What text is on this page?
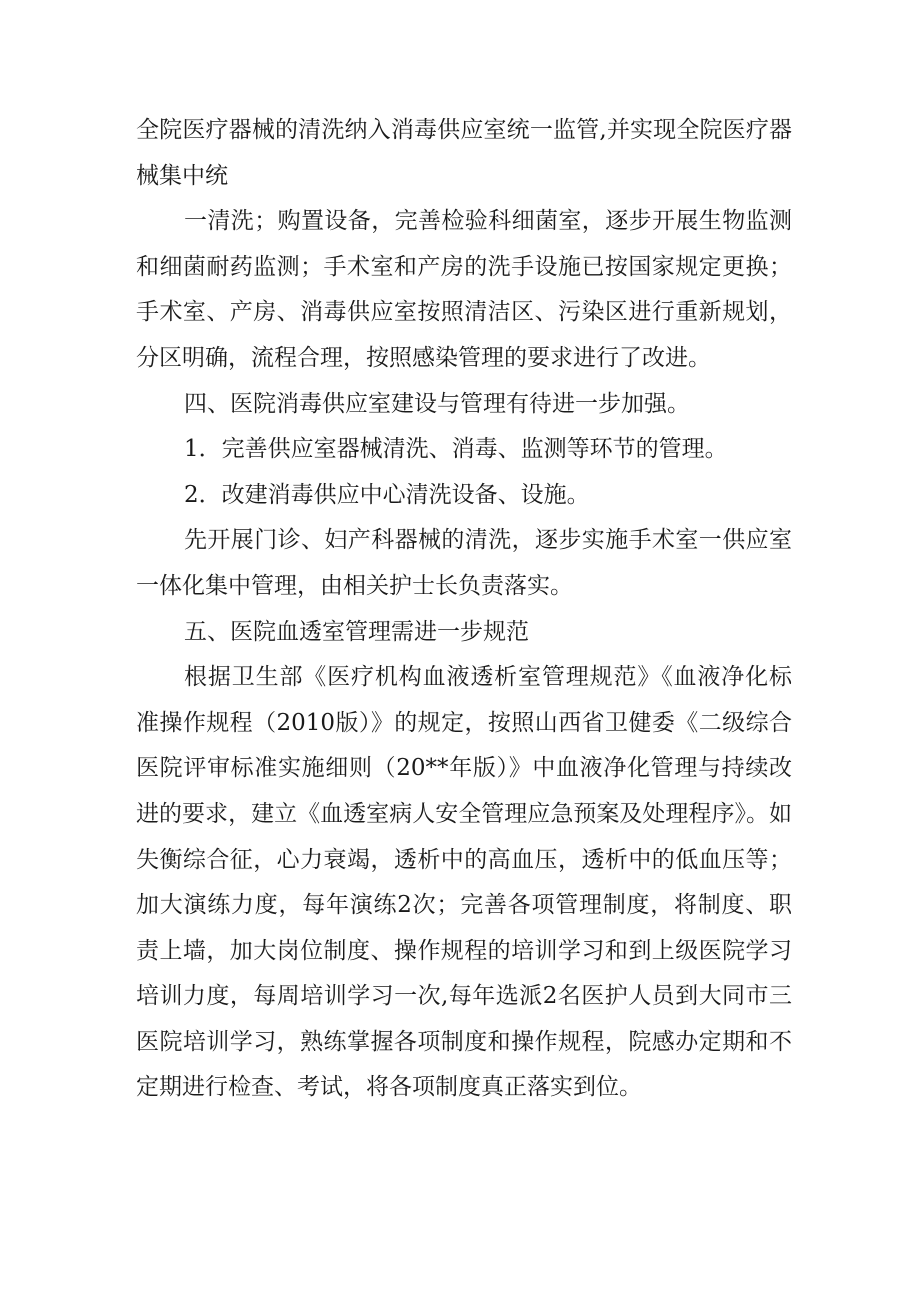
全院医疗器械的清洗纳入消毒供应室统一监管,并实现全院医疗器械集中统

一清洗；购置设备，完善检验科细菌室，逐步开展生物监测和细菌耐药监测；手术室和产房的洗手设施已按国家规定更换；手术室、产房、消毒供应室按照清洁区、污染区进行重新规划，分区明确，流程合理，按照感染管理的要求进行了改进。

四、医院消毒供应室建设与管理有待进一步加强。

1．完善供应室器械清洗、消毒、监测等环节的管理。

2．改建消毒供应中心清洗设备、设施。

先开展门诊、妇产科器械的清洗，逐步实施手术室一供应室一体化集中管理，由相关护士长负责落实。

五、医院血透室管理需进一步规范

根据卫生部《医疗机构血液透析室管理规范》《血液净化标准操作规程（2010版）》的规定，按照山西省卫健委《二级综合医院评审标准实施细则（20**年版）》中血液净化管理与持续改进的要求，建立《血透室病人安全管理应急预案及处理程序》。如失衡综合征，心力衰竭，透析中的高血压，透析中的低血压等；加大演练力度，每年演练2次；完善各项管理制度，将制度、职责上墙，加大岗位制度、操作规程的培训学习和到上级医院学习培训力度，每周培训学习一次,每年选派2名医护人员到大同市三医院培训学习，熟练掌握各项制度和操作规程，院感办定期和不定期进行检查、考试，将各项制度真正落实到位。
